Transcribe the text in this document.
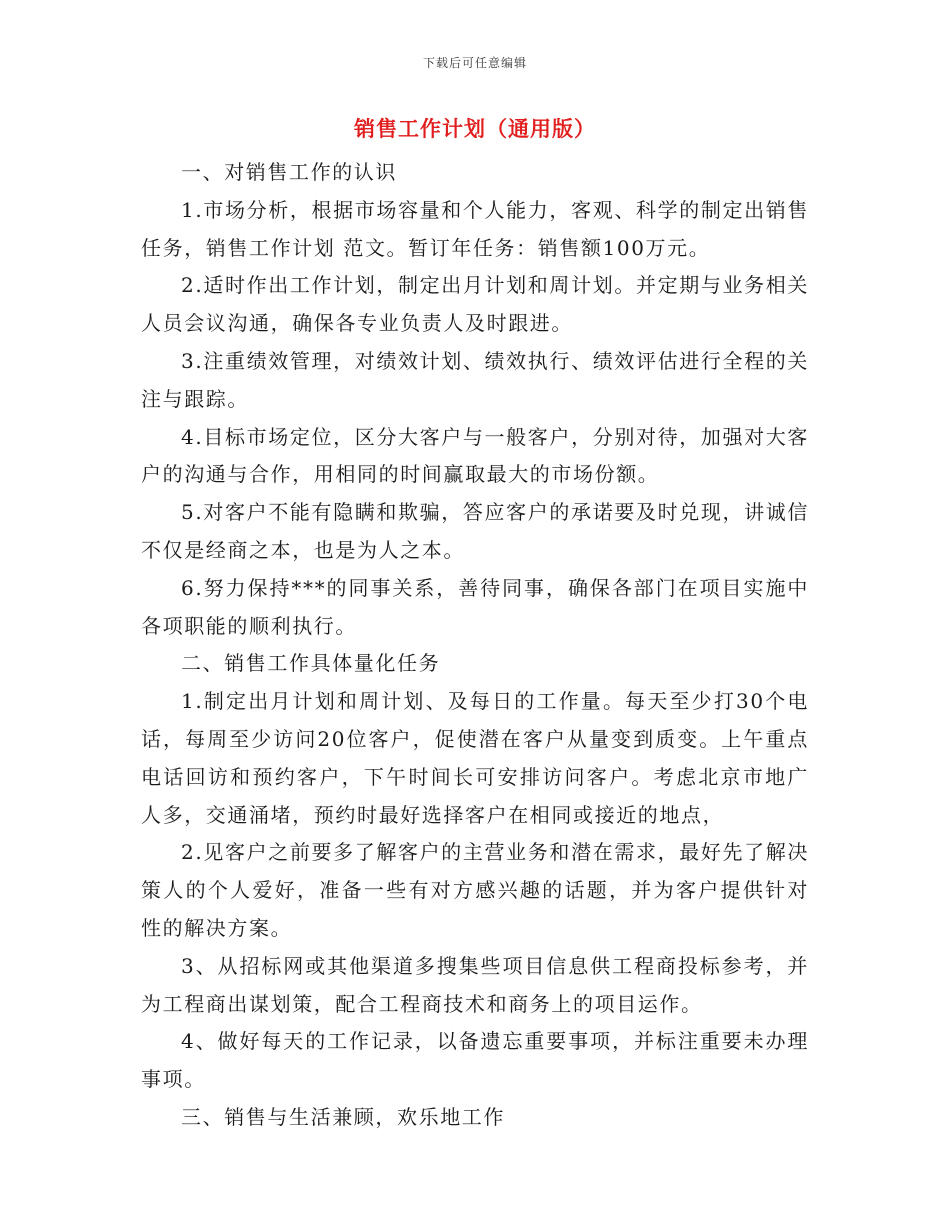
下载后可任意编辑
销售工作计划（通用版）

一、对销售工作的认识

1.市场分析，根据市场容量和个人能力，客观、科学的制定出销售任务，销售工作计划 范文。暂订年任务：销售额100万元。

2.适时作出工作计划，制定出月计划和周计划。并定期与业务相关人员会议沟通，确保各专业负责人及时跟进。

3.注重绩效管理，对绩效计划、绩效执行、绩效评估进行全程的关注与跟踪。

4.目标市场定位，区分大客户与一般客户，分别对待，加强对大客户的沟通与合作，用相同的时间赢取最大的市场份额。

5.对客户不能有隐瞒和欺骗，答应客户的承诺要及时兑现，讲诚信不仅是经商之本，也是为人之本。

6.努力保持***的同事关系，善待同事，确保各部门在项目实施中各项职能的顺利执行。

二、销售工作具体量化任务

1.制定出月计划和周计划、及每日的工作量。每天至少打30个电话，每周至少访问20位客户，促使潜在客户从量变到质变。上午重点电话回访和预约客户，下午时间长可安排访问客户。考虑北京市地广人多，交通涌堵，预约时最好选择客户在相同或接近的地点，

2.见客户之前要多了解客户的主营业务和潜在需求，最好先了解决策人的个人爱好，准备一些有对方感兴趣的话题，并为客户提供针对性的解决方案。

3、从招标网或其他渠道多搜集些项目信息供工程商投标参考，并为工程商出谋划策，配合工程商技术和商务上的项目运作。

4、做好每天的工作记录，以备遗忘重要事项，并标注重要未办理事项。

三、销售与生活兼顾，欢乐地工作
